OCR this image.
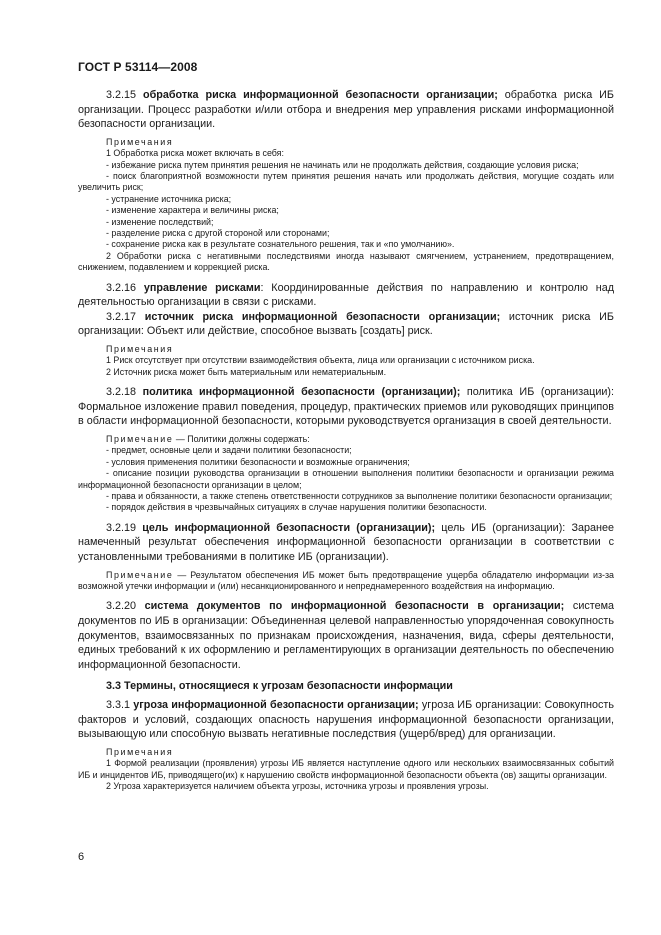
ГОСТ Р 53114—2008

3.2.15 обработка риска информационной безопасности организации; обработка риска ИБ организации. Процесс разработки и/или отбора и внедрения мер управления рисками информационной безопасности организации.

Примечания

1 Обработка риска может включать в себя:

- избежание риска путем принятия решения не начинать или не продолжать действия, создающие условия риска;

- поиск благоприятной возможности путем принятия решения начать или продолжать действия, могущие создать или увеличить риск;

- устранение источника риска;

- изменение характера и величины риска;

- изменение последствий;

- разделение риска с другой стороной или сторонами;

- сохранение риска как в результате сознательного решения, так и «по умолчанию».

2 Обработки риска с негативными последствиями иногда называют смягчением, устранением, предотвращением, снижением, подавлением и коррекцией риска.

3.2.16 управление рисками: Координированные действия по направлению и контролю над деятельностью организации в связи с рисками.

3.2.17 источник риска информационной безопасности организации; источник риска ИБ организации: Объект или действие, способное вызвать [создать] риск.

Примечания

1 Риск отсутствует при отсутствии взаимодействия объекта, лица или организации с источником риска.

2 Источник риска может быть материальным или нематериальным.

3.2.18 политика информационной безопасности (организации); политика ИБ (организации): Формальное изложение правил поведения, процедур, практических приемов или руководящих принципов в области информационной безопасности, которыми руководствуется организация в своей деятельности.

Примечание — Политики должны содержать:

- предмет, основные цели и задачи политики безопасности;

- условия применения политики безопасности и возможные ограничения;

- описание позиции руководства организации в отношении выполнения политики безопасности и организации режима информационной безопасности организации в целом;

- права и обязанности, а также степень ответственности сотрудников за выполнение политики безопасности организации;

- порядок действия в чрезвычайных ситуациях в случае нарушения политики безопасности.

3.2.19 цель информационной безопасности (организации); цель ИБ (организации): Заранее намеченный результат обеспечения информационной безопасности организации в соответствии с установленными требованиями в политике ИБ (организации).

Примечание — Результатом обеспечения ИБ может быть предотвращение ущерба обладателю информации из-за возможной утечки информации и (или) несанкционированного и непреднамеренного воздействия на информацию.

3.2.20 система документов по информационной безопасности в организации; система документов по ИБ в организации: Объединенная целевой направленностью упорядоченная совокупность документов, взаимосвязанных по признакам происхождения, назначения, вида, сферы деятельности, единых требований к их оформлению и регламентирующих в организации деятельность по обеспечению информационной безопасности.

3.3 Термины, относящиеся к угрозам безопасности информации

3.3.1 угроза информационной безопасности организации; угроза ИБ организации: Совокупность факторов и условий, создающих опасность нарушения информационной безопасности организации, вызывающую или способную вызвать негативные последствия (ущерб/вред) для организации.

Примечания

1 Формой реализации (проявления) угрозы ИБ является наступление одного или нескольких взаимосвязанных событий ИБ и инцидентов ИБ, приводящего(их) к нарушению свойств информационной безопасности объекта (ов) защиты организации.

2 Угроза характеризуется наличием объекта угрозы, источника угрозы и проявления угрозы.

6
